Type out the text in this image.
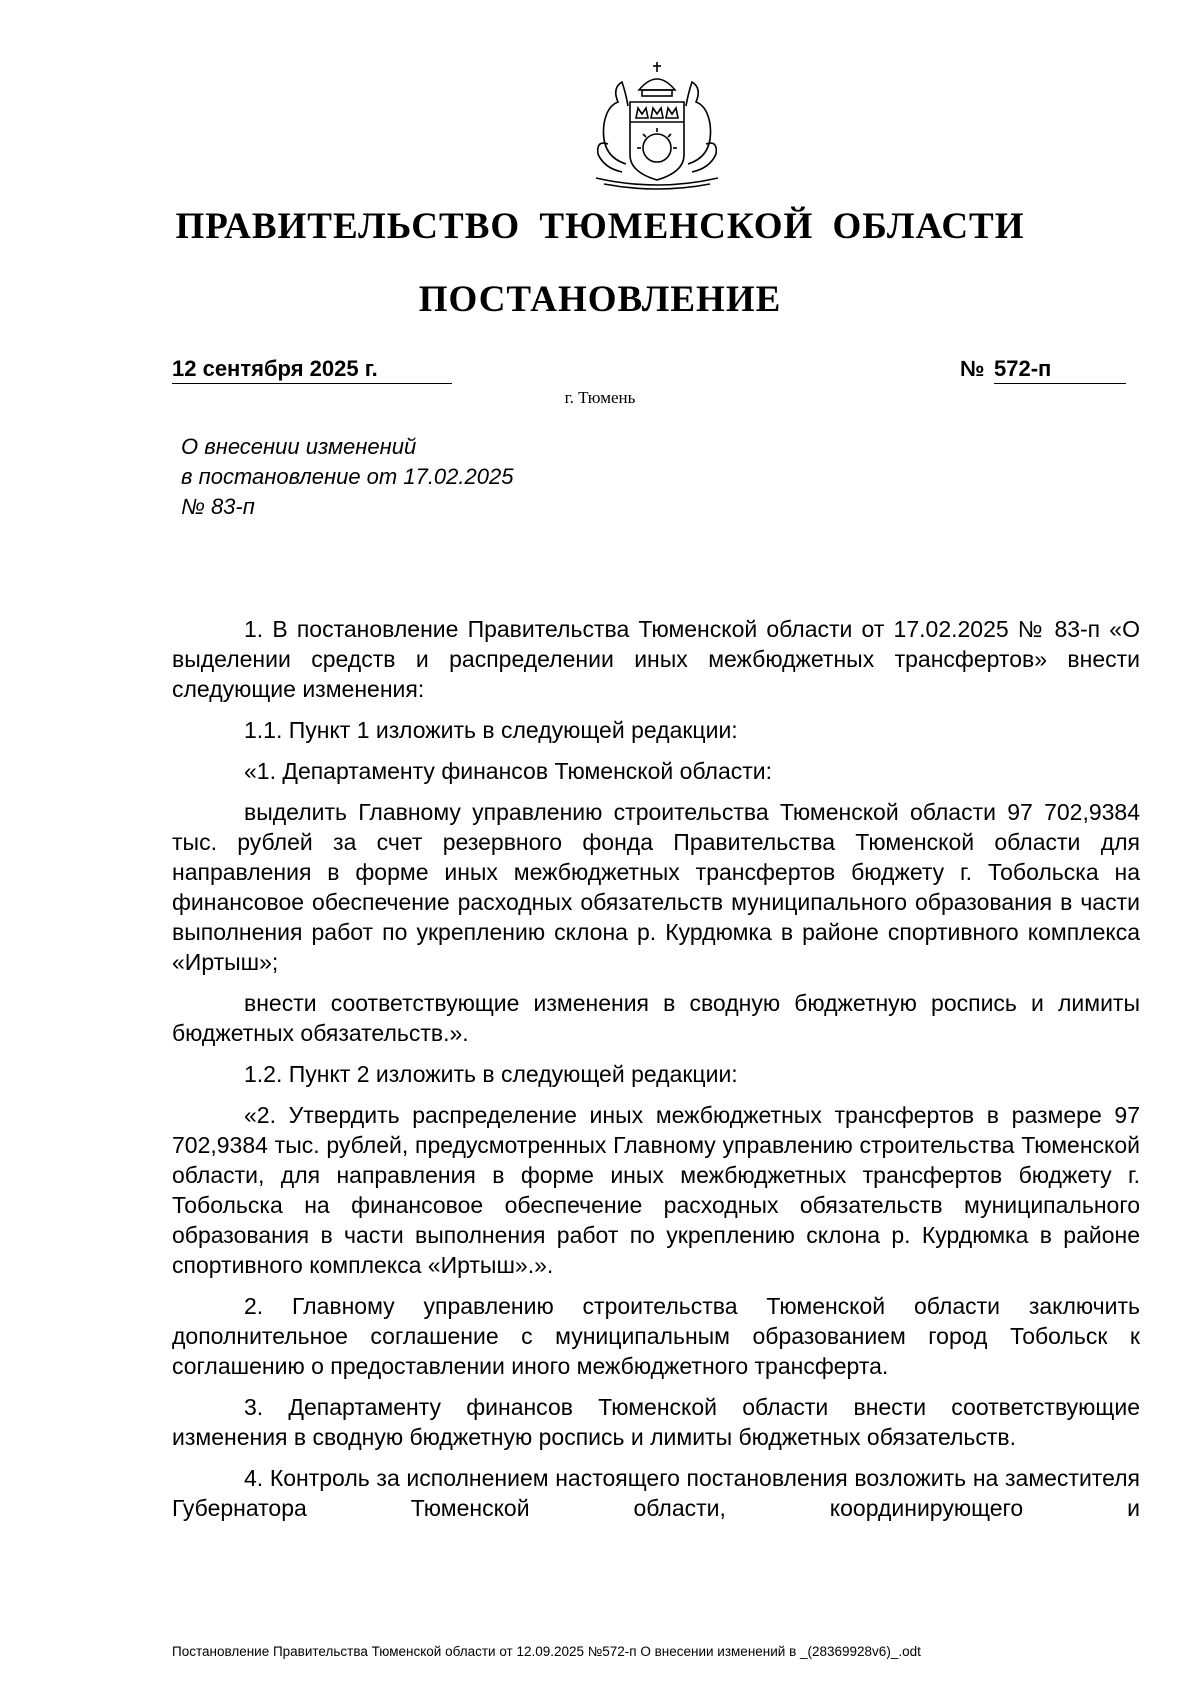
ПРАВИТЕЛЬСТВО ТЮМЕНСКОЙ ОБЛАСТИ
ПОСТАНОВЛЕНИЕ
12 сентября 2025 г.	№ 572-п
г. Тюмень
О внесении изменений
в постановление от 17.02.2025
№ 83-п

1. В постановление Правительства Тюменской области от 17.02.2025 № 83-п «О выделении средств и распределении иных межбюджетных трансфертов» внести следующие изменения:

1.1. Пункт 1 изложить в следующей редакции:

«1. Департаменту финансов Тюменской области:

выделить Главному управлению строительства Тюменской области 97 702,9384 тыс. рублей за счет резервного фонда Правительства Тюменской области для направления в форме иных межбюджетных трансфертов бюджету г. Тобольска на финансовое обеспечение расходных обязательств муниципального образования в части выполнения работ по укреплению склона р. Курдюмка в районе спортивного комплекса «Иртыш»;

внести соответствующие изменения в сводную бюджетную роспись и лимиты бюджетных обязательств.».

1.2. Пункт 2 изложить в следующей редакции:

«2. Утвердить распределение иных межбюджетных трансфертов в размере 97 702,9384 тыс. рублей, предусмотренных Главному управлению строительства Тюменской области, для направления в форме иных межбюджетных трансфертов бюджету г. Тобольска на финансовое обеспечение расходных обязательств муниципального образования в части выполнения работ по укреплению склона р. Курдюмка в районе спортивного комплекса «Иртыш».».

2. Главному управлению строительства Тюменской области заключить дополнительное соглашение с муниципальным образованием город Тобольск к соглашению о предоставлении иного межбюджетного трансферта.

3. Департаменту финансов Тюменской области внести соответствующие изменения в сводную бюджетную роспись и лимиты бюджетных обязательств.

4. Контроль за исполнением настоящего постановления возложить на заместителя Губернатора Тюменской области, координирующего и

Постановление Правительства Тюменской области от 12.09.2025 №572-п О внесении изменений в _(28369928v6)_.odt
